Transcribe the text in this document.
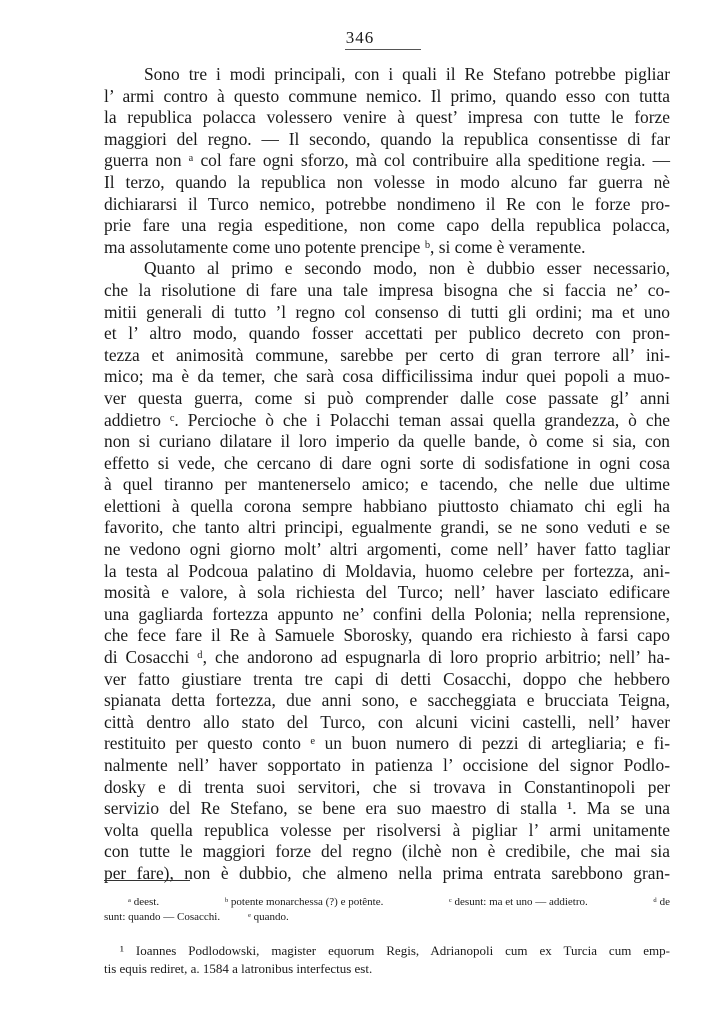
346
Sono tre i modi principali, con i quali il Re Stefano potrebbe pigliar
l’ armi contro à questo commune nemico. Il primo, quando esso con tutta
la republica polacca volessero venire à quest’ impresa con tutte le forze
maggiori del regno. — Il secondo, quando la republica consentisse di far
guerra non ᵃ col fare ogni sforzo, mà col contribuire alla speditione regia. —
Il terzo, quando la republica non volesse in modo alcuno far guerra nè
dichiararsi il Turco nemico, potrebbe nondimeno il Re con le forze pro-
prie fare una regia espeditione, non come capo della republica polacca,
ma assolutamente come uno potente prencipe ᵇ, si come è veramente.
Quanto al primo e secondo modo, non è dubbio esser necessario,
che la risolutione di fare una tale impresa bisogna che si faccia ne’ co-
mitii generali di tutto ’l regno col consenso di tutti gli ordini; ma et uno
et l’ altro modo, quando fosser accettati per publico decreto con pron-
tezza et animosità commune, sarebbe per certo di gran terrore all’ ini-
mico; ma è da temer, che sarà cosa difficilissima indur quei popoli a muo-
ver questa guerra, come si può comprender dalle cose passate gl’ anni
addietro ᶜ. Percioche ò che i Polacchi teman assai quella grandezza, ò che
non si curiano dilatare il loro imperio da quelle bande, ò come si sia, con
effetto si vede, che cercano di dare ogni sorte di sodisfatione in ogni cosa
à quel tiranno per mantenerselo amico; e tacendo, che nelle due ultime
elettioni à quella corona sempre habbiano piuttosto chiamato chi egli ha
favorito, che tanto altri principi, egualmente grandi, se ne sono veduti e se
ne vedono ogni giorno molt’ altri argomenti, come nell’ haver fatto tagliar
la testa al Podcoua palatino di Moldavia, huomo celebre per fortezza, ani-
mosità e valore, à sola richiesta del Turco; nell’ haver lasciato edificare
una gagliarda fortezza appunto ne’ confini della Polonia; nella reprensione,
che fece fare il Re à Samuele Sborosky, quando era richiesto à farsi capo
di Cosacchi ᵈ, che andorono ad espugnarla di loro proprio arbitrio; nell’ ha-
ver fatto giustiare trenta tre capi di detti Cosacchi, doppo che hebbero
spianata detta fortezza, due anni sono, e saccheggiata e brucciata Teigna,
città dentro allo stato del Turco, con alcuni vicini castelli, nell’ haver
restituito per questo conto ᵉ un buon numero di pezzi di artegliaria; e fi-
nalmente nell’ haver sopportato in patienza l’ occisione del signor Podlo-
dosky e di trenta suoi servitori, che si trovava in Constantinopoli per
servizio del Re Stefano, se bene era suo maestro di stalla ¹. Ma se una
volta quella republica volesse per risolversi à pigliar l’ armi unitamente
con tutte le maggiori forze del regno (ilchè non è credibile, che mai sia
per fare), non è dubbio, che almeno nella prima entrata sarebbono gran-
ᵃ deest.	ᵇ potente monarchessa (?) e potênte.	ᶜ desunt: ma et uno — addietro.	ᵈ de
sunt: quando — Cosacchi.	ᵉ quando.
¹ Ioannes Podlodowski, magister equorum Regis, Adrianopoli cum ex Turcia cum emp-
tis equis rediret, a. 1584 a latronibus interfectus est.
